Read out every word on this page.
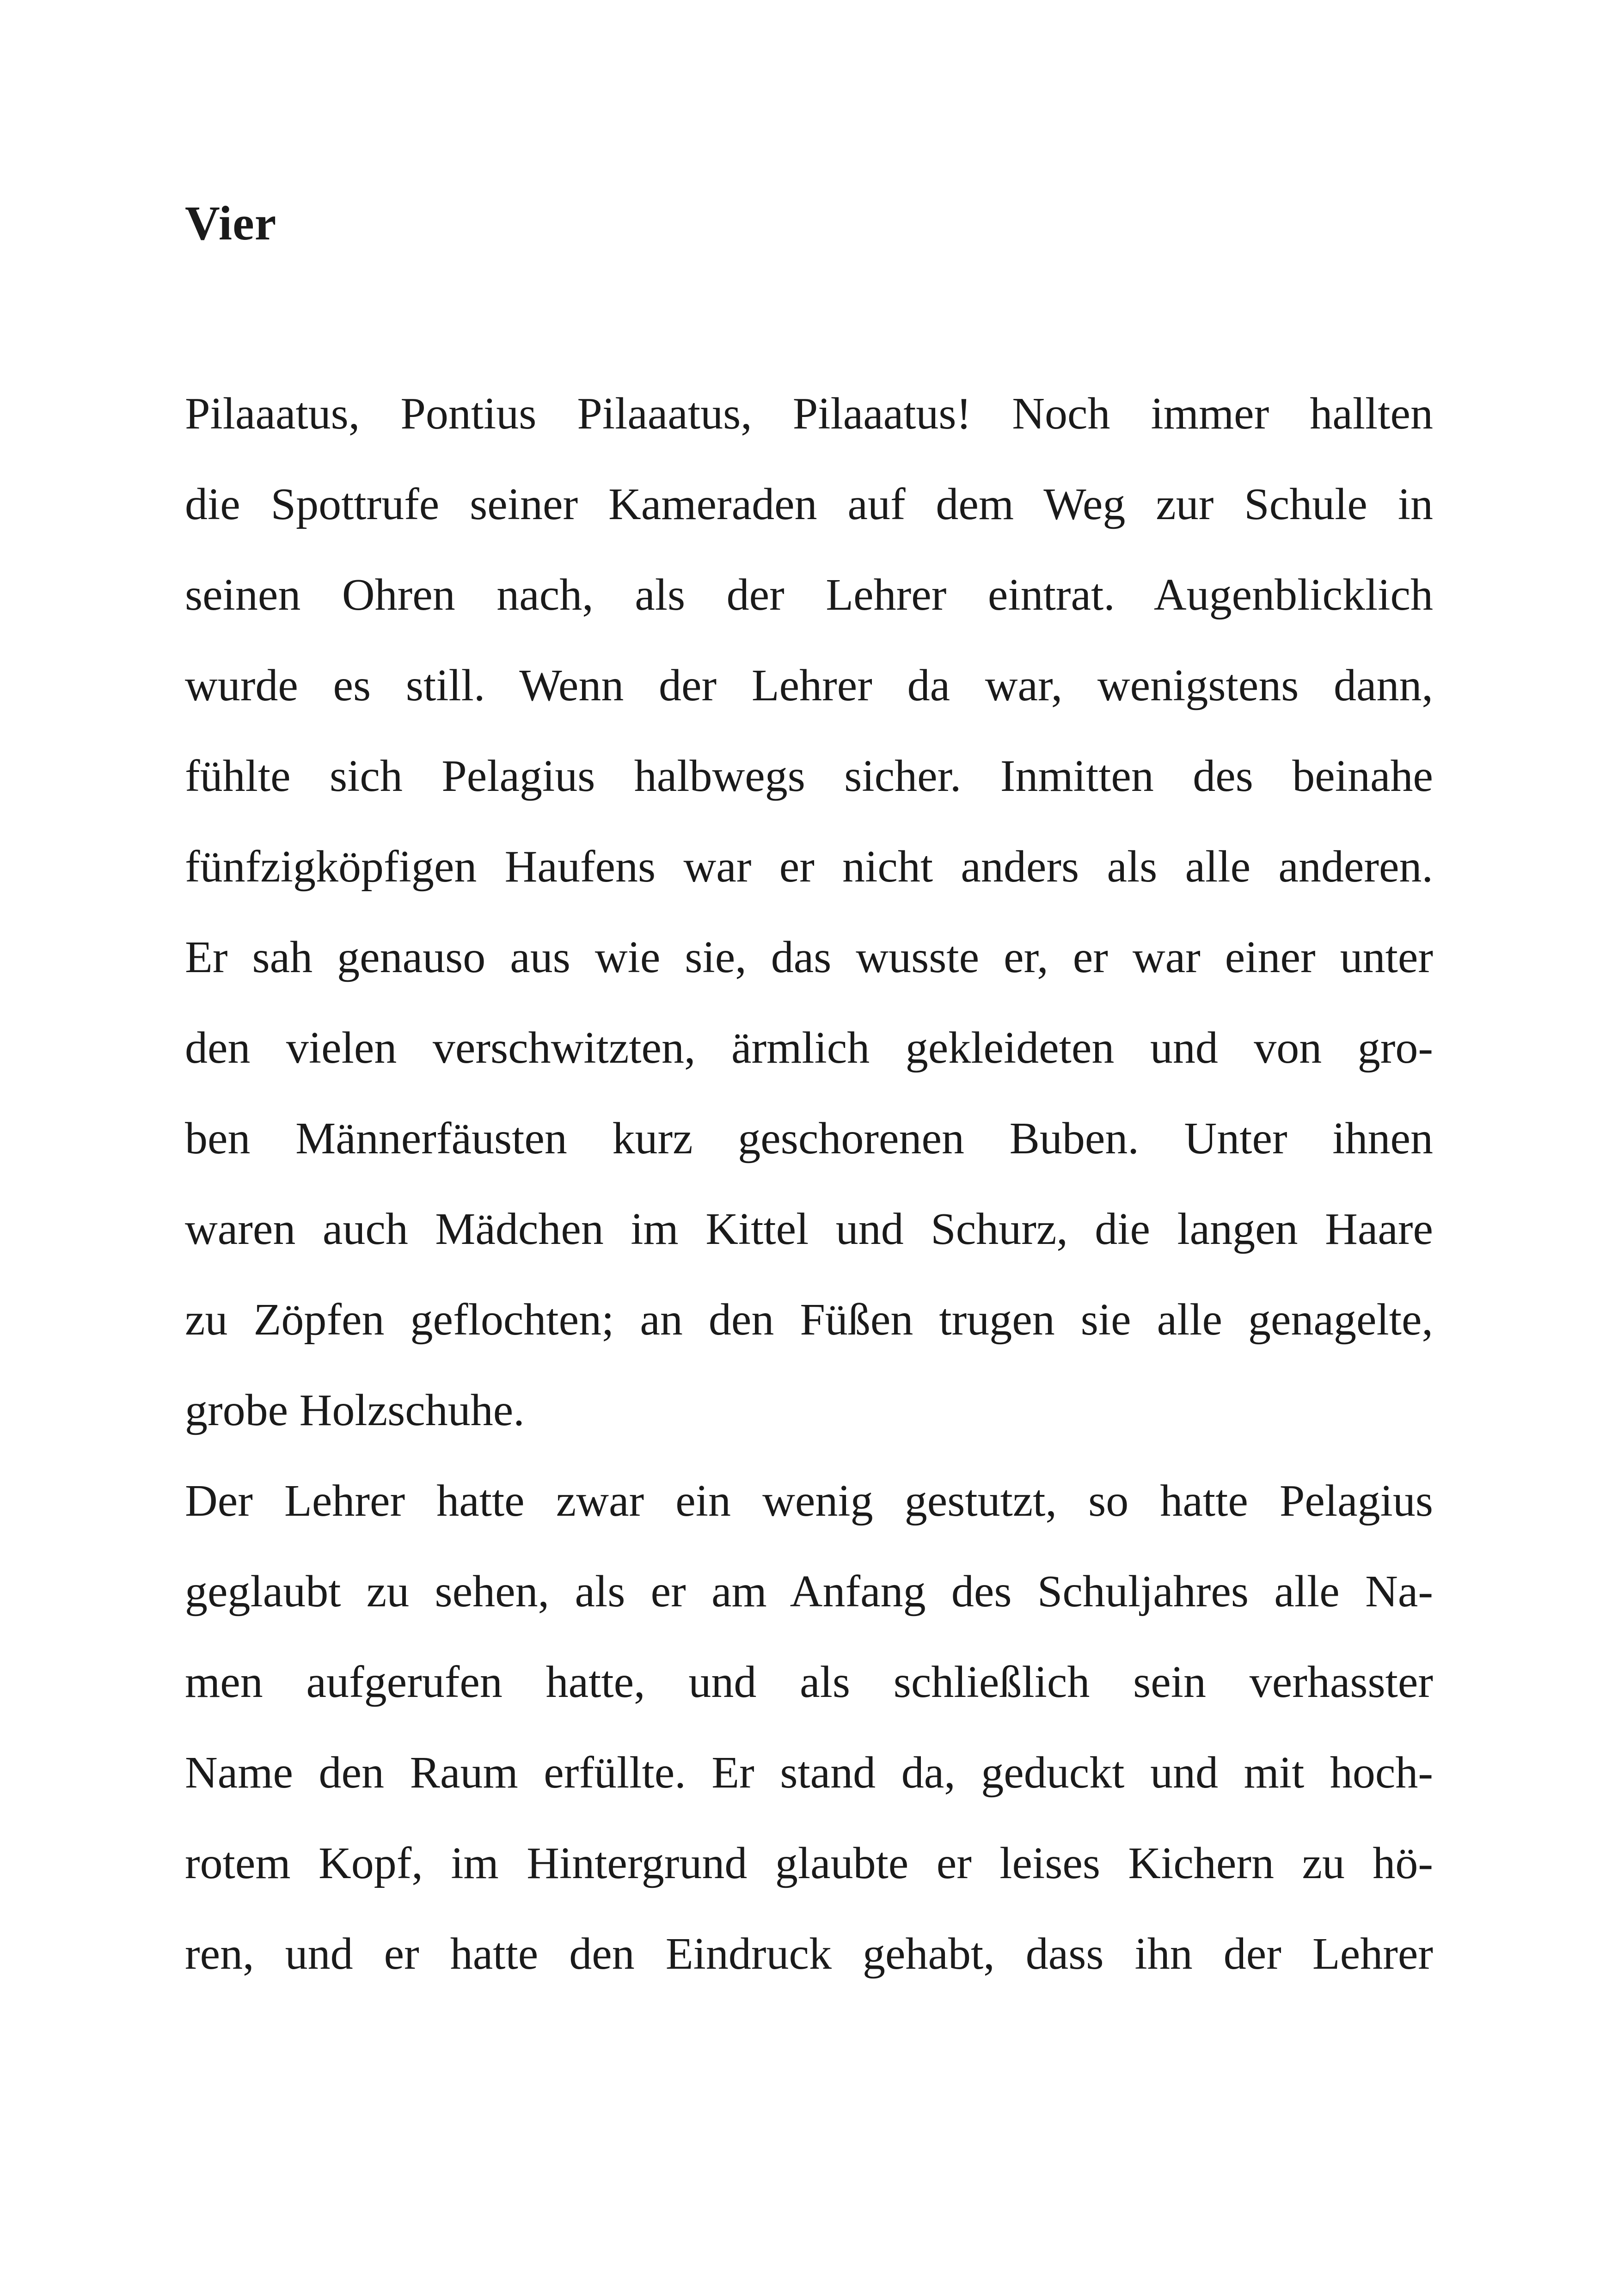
Vier
Pilaaatus, Pontius Pilaaatus, Pilaaatus! Noch immer hallten
die Spottrufe seiner Kameraden auf dem Weg zur Schule in
seinen Ohren nach, als der Lehrer eintrat. Augenblicklich
wurde es still. Wenn der Lehrer da war, wenigstens dann,
fühlte sich Pelagius halbwegs sicher. Inmitten des beinahe
fünfzigköpfigen Haufens war er nicht anders als alle anderen.
Er sah genauso aus wie sie, das wusste er, er war einer unter
den vielen verschwitzten, ärmlich gekleideten und von gro-
ben Männerfäusten kurz geschorenen Buben. Unter ihnen
waren auch Mädchen im Kittel und Schurz, die langen Haare
zu Zöpfen geflochten; an den Füßen trugen sie alle genagelte,
grobe Holzschuhe.
Der Lehrer hatte zwar ein wenig gestutzt, so hatte Pelagius
geglaubt zu sehen, als er am Anfang des Schuljahres alle Na-
men aufgerufen hatte, und als schließlich sein verhasster
Name den Raum erfüllte. Er stand da, geduckt und mit hoch-
rotem Kopf, im Hintergrund glaubte er leises Kichern zu hö-
ren, und er hatte den Eindruck gehabt, dass ihn der Lehrer
